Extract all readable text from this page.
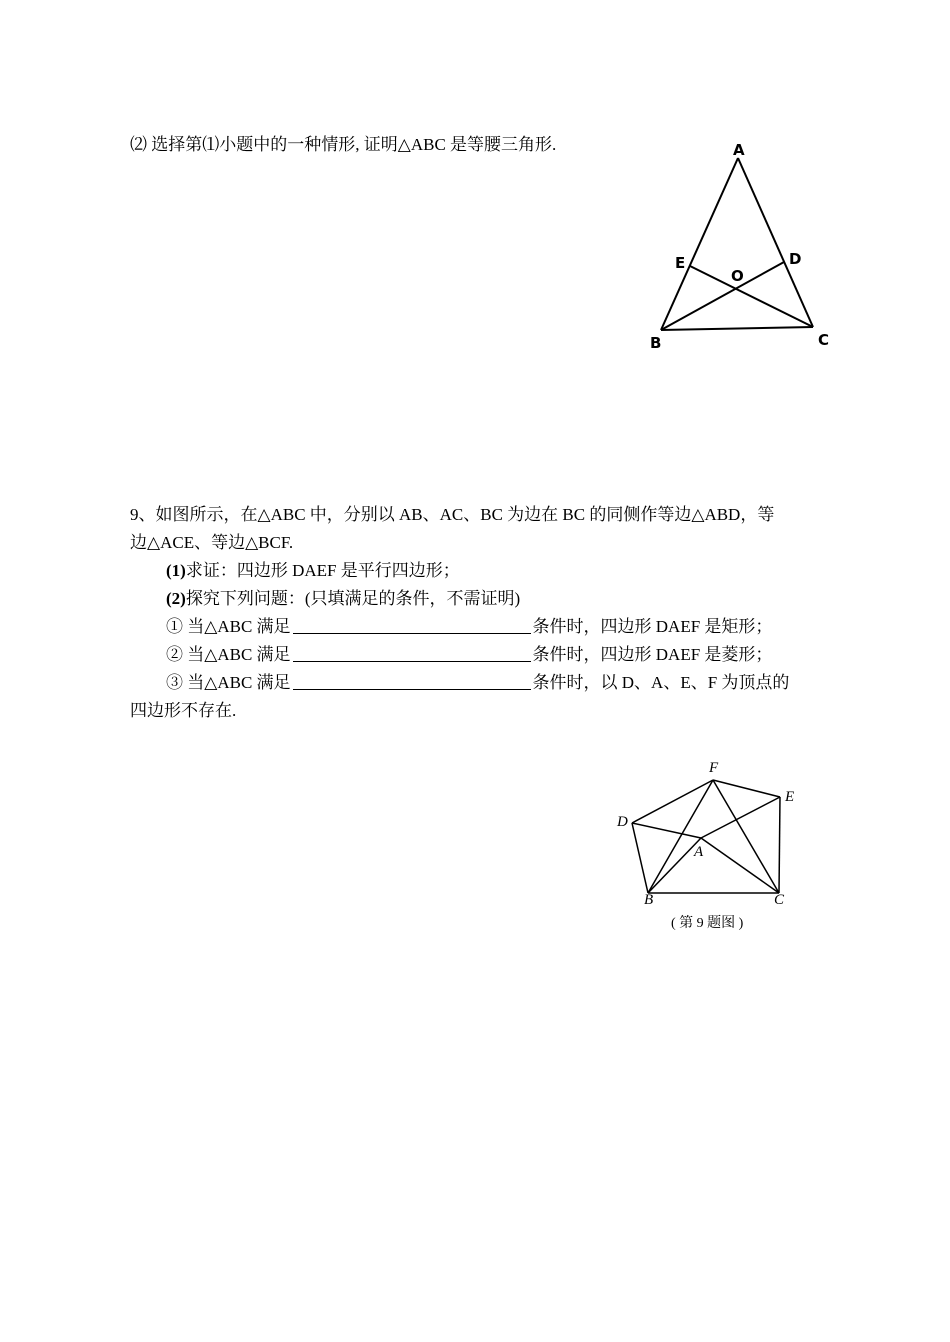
⑵ 选择第⑴小题中的一种情形, 证明△ABC 是等腰三角形.	A
E	D
O
B	C
9、如图所示，在△ABC 中，分别以 AB、AC、BC 为边在 BC 的同侧作等边△ABD，等
边△ACE、等边△BCF.
(1)求证：四边形 DAEF 是平行四边形；
(2)探究下列问题：(只填满足的条件，不需证明)
① 当△ABC 满足	条件时，四边形 DAEF 是矩形；
② 当△ABC 满足	条件时，四边形 DAEF 是菱形；
③ 当△ABC 满足	条件时，以 D、A、E、F 为顶点的
四边形不存在.
F
E
D
A
B	C
( 第 9 题图 )
